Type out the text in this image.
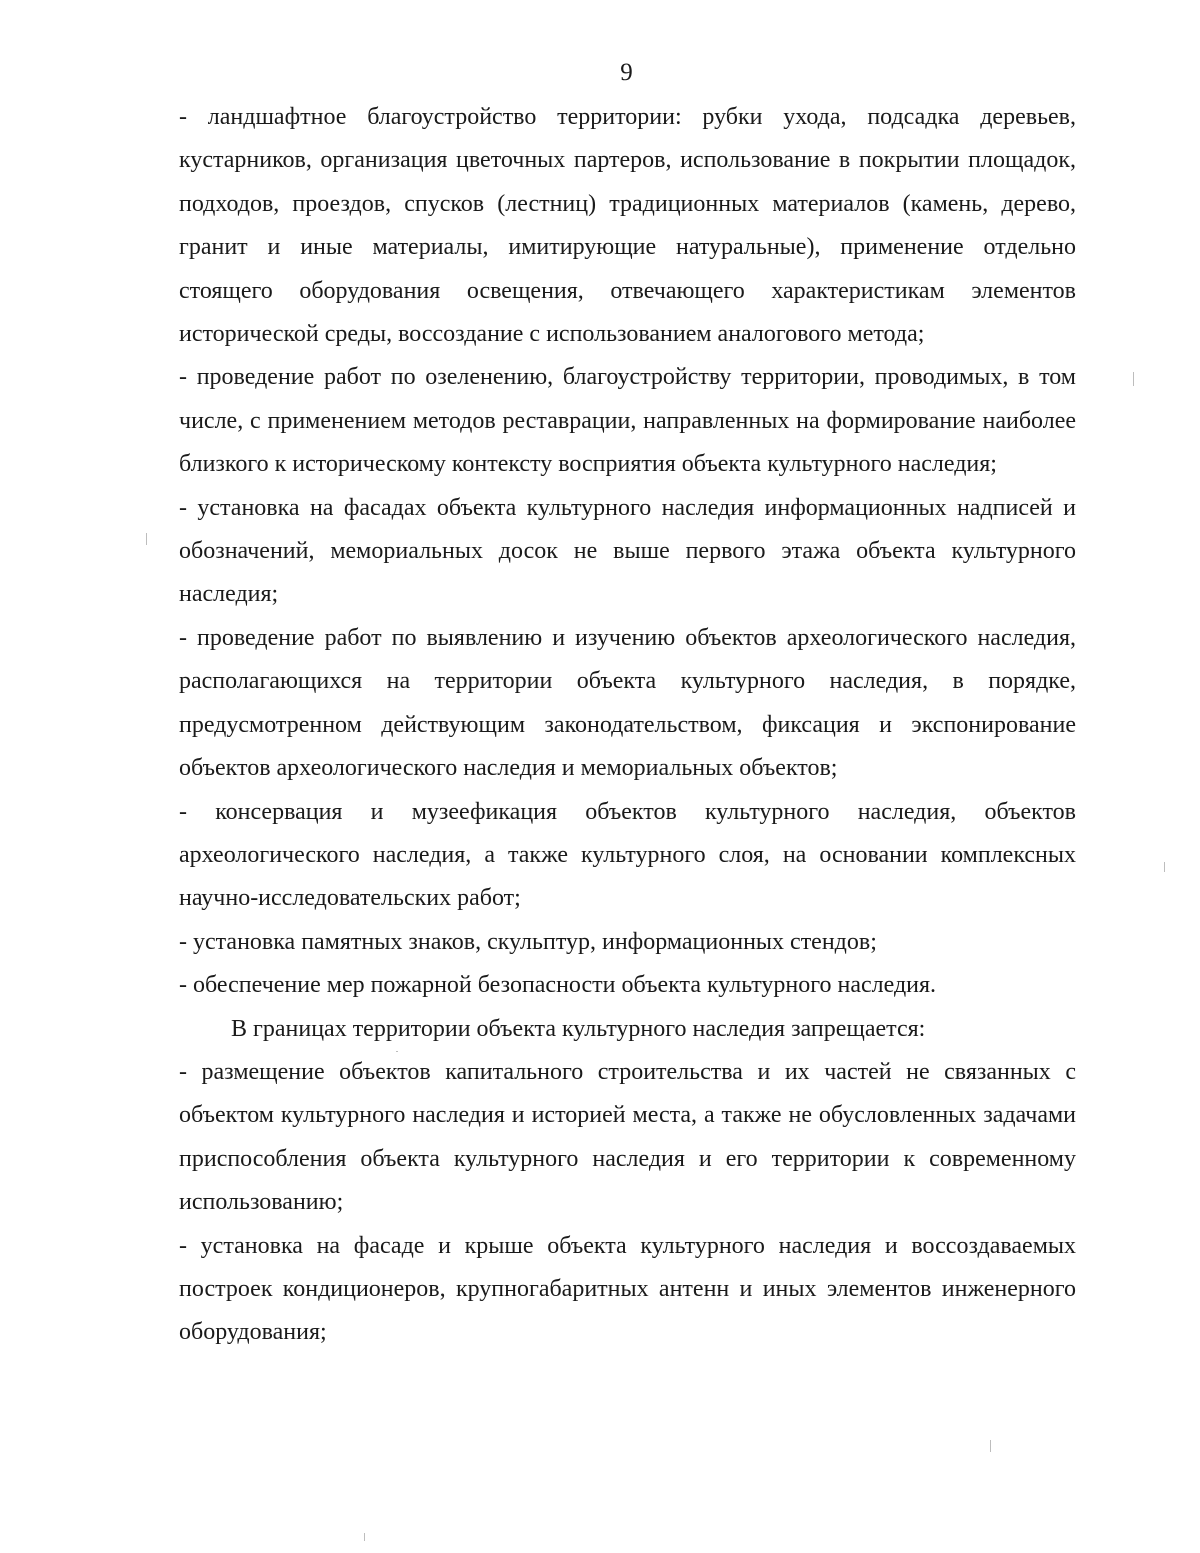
9

- ландшафтное благоустройство территории: рубки ухода, подсадка деревьев, кустарников, организация цветочных партеров, использование в покрытии площадок, подходов, проездов, спусков (лестниц) традиционных материалов (камень, дерево, гранит и иные материалы, имитирующие натуральные), применение отдельно стоящего оборудования освещения, отвечающего характеристикам элементов исторической среды, воссоздание с использованием аналогового метода;

- проведение работ по озеленению, благоустройству территории, проводимых, в том числе, с применением методов реставрации, направленных на формирование наиболее близкого к историческому контексту восприятия объекта культурного наследия;

- установка на фасадах объекта культурного наследия информационных надписей и обозначений, мемориальных досок не выше первого этажа объекта культурного наследия;

- проведение работ по выявлению и изучению объектов археологического наследия, располагающихся на территории объекта культурного наследия, в порядке, предусмотренном действующим законодательством, фиксация и экспонирование объектов археологического наследия и мемориальных объектов;

- консервация и музеефикация объектов культурного наследия, объектов археологического наследия, а также культурного слоя, на основании комплексных научно-исследовательских работ;

- установка памятных знаков, скульптур, информационных стендов;

- обеспечение мер пожарной безопасности объекта культурного наследия.

В границах территории объекта культурного наследия запрещается:

- размещение объектов капитального строительства и их частей не связанных с объектом культурного наследия и историей места, а также не обусловленных задачами приспособления объекта культурного наследия и его территории к современному использованию;

- установка на фасаде и крыше объекта культурного наследия и воссоздаваемых построек кондиционеров, крупногабаритных антенн и иных элементов инженерного оборудования;
